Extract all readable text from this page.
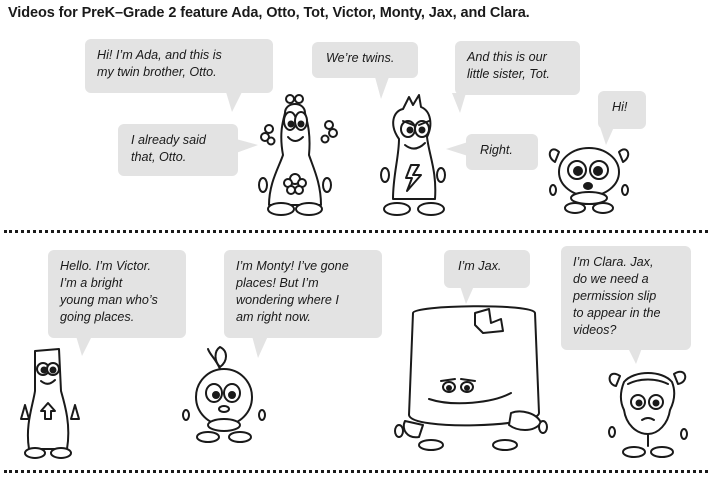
Videos for PreK–Grade 2 feature Ada, Otto, Tot, Victor, Monty, Jax, and Clara.
Hi! I’m Ada, and this is
my twin brother, Otto.
I already said
that, Otto.
We’re twins.	And this is our
little sister, Tot.
Right.
Hi!
Hello. I’m Victor.
I’m a bright
young man who’s
going places.
I’m Monty! I’ve gone
places! But I’m
wondering where I
am right now.
I’m Jax.	I’m Clara. Jax,
do we need a
permission slip
to appear in the
videos?
